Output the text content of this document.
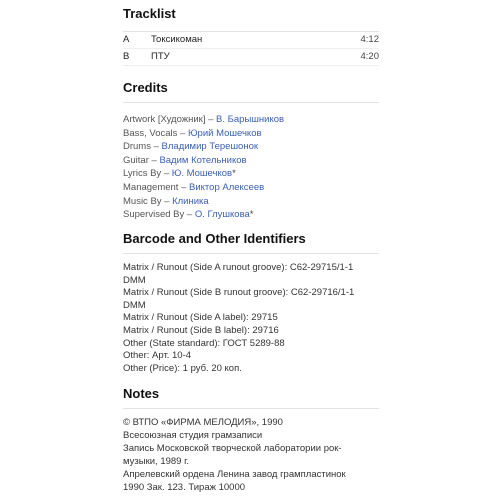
Tracklist
A	Токсикоман	4:12
B	ПТУ	4:20
Credits
Artwork [Художник] – В. Барышников
Bass, Vocals – Юрий Мошечков
Drums – Владимир Терешонок
Guitar – Вадим Котельников
Lyrics By – Ю. Мошечков*
Management – Виктор Алексеев
Music By – Клиника
Supervised By – О. Глушкова*
Barcode and Other Identifiers
Matrix / Runout (Side A runout groove): C62-29715/1-1
DMM
Matrix / Runout (Side B runout groove): C62-29716/1-1
DMM
Matrix / Runout (Side A label): 29715
Matrix / Runout (Side B label): 29716
Other (State standard): ГОСТ 5289-88
Other: Арт. 10-4
Other (Price): 1 руб. 20 коп.
Notes
© ВТПО «ФИРМА МЕЛОДИЯ», 1990
Всесоюзная студия грамзаписи
Запись Московской творческой лаборатории рок-
музыки, 1989 г.
Апрелевский ордена Ленина завод грампластинок
1990 Зак. 123. Тираж 10000
